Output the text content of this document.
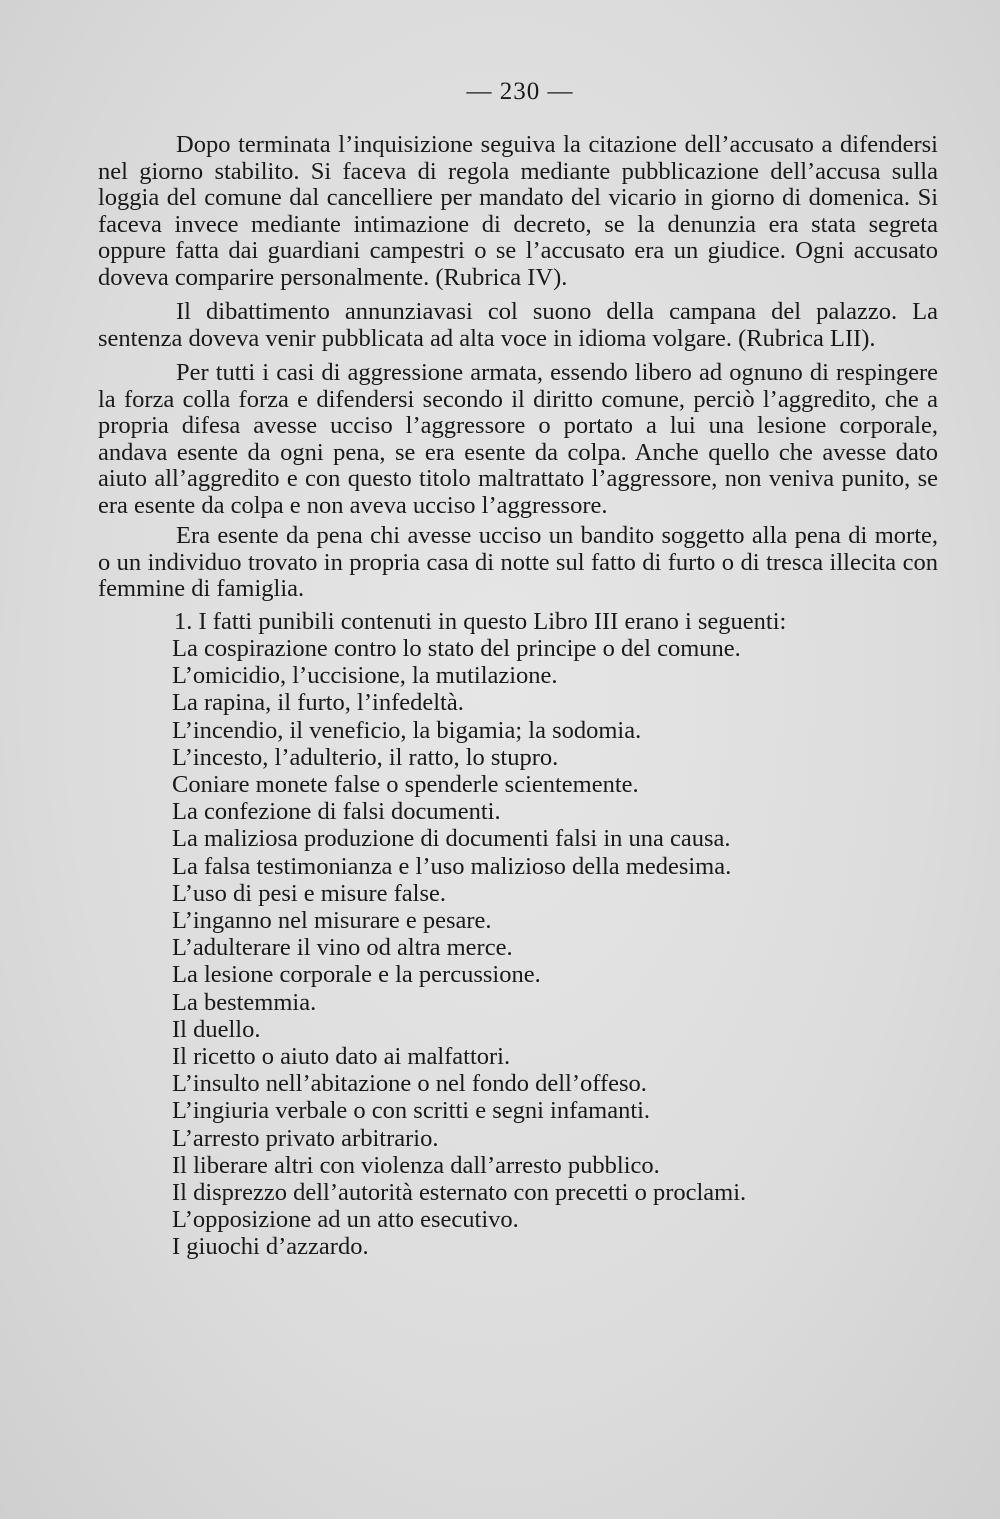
— 230 —

Dopo terminata l’inquisizione seguiva la citazione dell’accusato a difendersi nel giorno stabilito. Si faceva di regola mediante pubblicazione dell’accusa sulla loggia del comune dal cancelliere per mandato del vicario in giorno di domenica. Si faceva invece mediante intimazione di decreto, se la denunzia era stata segreta oppure fatta dai guardiani campestri o se l’accusato era un giudice. Ogni accusato doveva comparire personalmente. (Rubrica IV).

Il dibattimento annunziavasi col suono della campana del palazzo. La sentenza doveva venir pubblicata ad alta voce in idioma volgare. (Rubrica LII).

Per tutti i casi di aggressione armata, essendo libero ad ognuno di respingere la forza colla forza e difendersi secondo il diritto comune, perciò l’aggredito, che a propria difesa avesse ucciso l’aggressore o portato a lui una lesione corporale, andava esente da ogni pena, se era esente da colpa. Anche quello che avesse dato aiuto all’aggredito e con questo titolo maltrattato l’aggressore, non veniva punito, se era esente da colpa e non aveva ucciso l’aggressore.

Era esente da pena chi avesse ucciso un bandito soggetto alla pena di morte, o un individuo trovato in propria casa di notte sul fatto di furto o di tresca illecita con femmine di famiglia.

1. I fatti punibili contenuti in questo Libro III erano i seguenti:
La cospirazione contro lo stato del principe o del comune.
L’omicidio, l’uccisione, la mutilazione.
La rapina, il furto, l’infedeltà.
L’incendio, il veneficio, la bigamia; la sodomia.
L’incesto, l’adulterio, il ratto, lo stupro.
Coniare monete false o spenderle scientemente.
La confezione di falsi documenti.
La maliziosa produzione di documenti falsi in una causa.
La falsa testimonianza e l’uso malizioso della medesima.
L’uso di pesi e misure false.
L’inganno nel misurare e pesare.
L’adulterare il vino od altra merce.
La lesione corporale e la percussione.
La bestemmia.
Il duello.
Il ricetto o aiuto dato ai malfattori.
L’insulto nell’abitazione o nel fondo dell’offeso.
L’ingiuria verbale o con scritti e segni infamanti.
L’arresto privato arbitrario.
Il liberare altri con violenza dall’arresto pubblico.
Il disprezzo dell’autorità esternato con precetti o proclami.
L’opposizione ad un atto esecutivo.
I giuochi d’azzardo.
